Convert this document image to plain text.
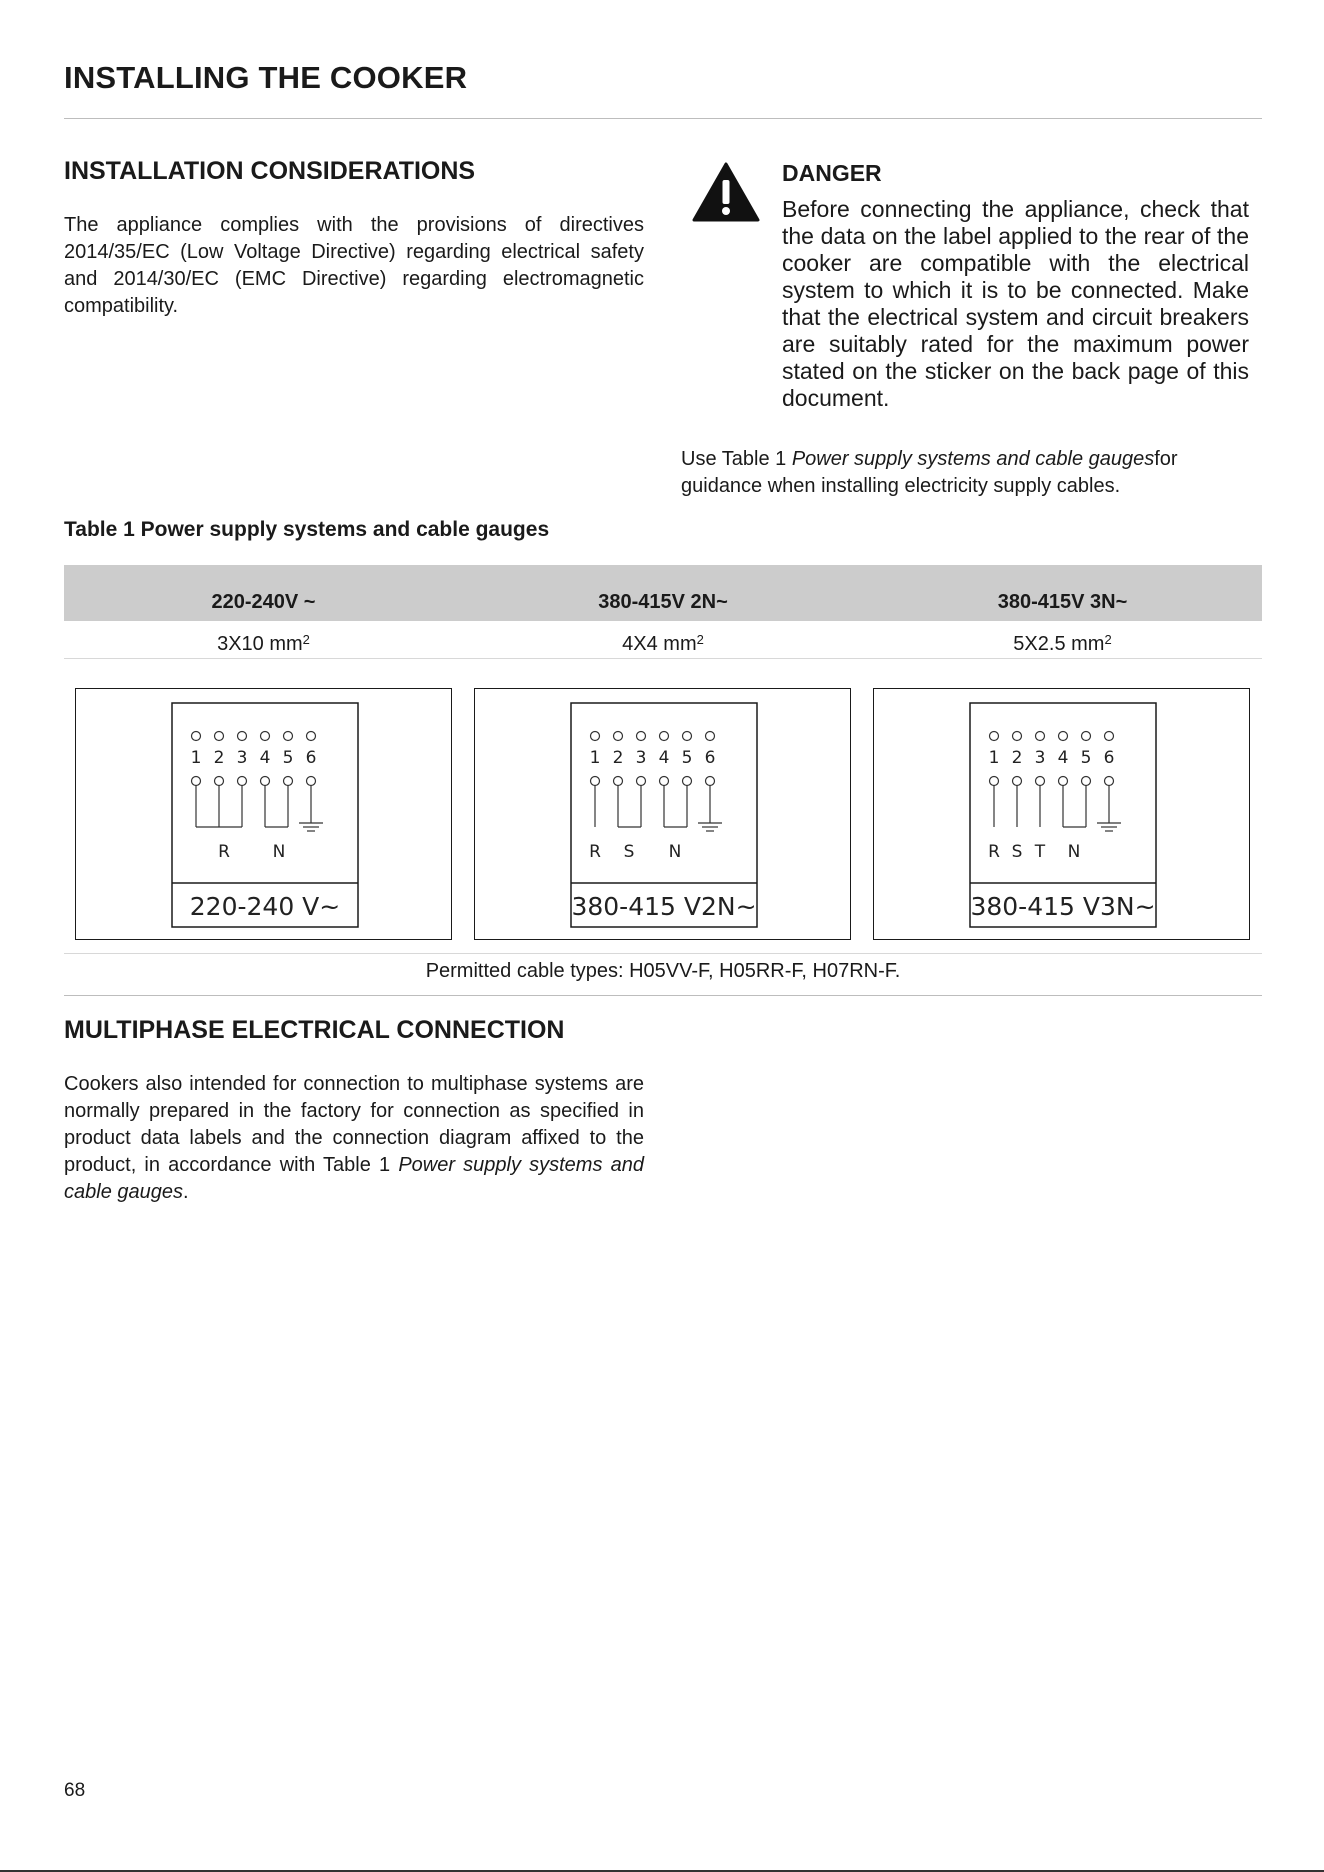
INSTALLING THE COOKER
INSTALLATION CONSIDERATIONS
The appliance complies with the provisions of directives 2014/35/EC (Low Voltage Directive) regarding electrical safety and 2014/30/EC (EMC Directive) regarding electromagnetic compatibility.
DANGER
Before connecting the appliance, check that the data on the label applied to the rear of the cooker are compatible with the electrical system to which it is to be connected. Make that the electrical system and circuit breakers are suitably rated for the maximum power stated on the sticker on the back page of this document.
Use Table 1 Power supply systems and cable gaugesfor guidance when installing electricity supply cables.
Table 1 Power supply systems and cable gauges
220-240V ~	380-415V 2N~	380-415V 3N~
3X10 $mm^2$	4X4 $mm^2$	5X2.5 $mm^2$
1 2 3 4 5 6
R	N
220-240 V~
1 2 3 4 5 6
R S N
380-415 V2N~
1 2 3 4 5 6
R S T N
380-415 V3N~
Permitted cable types: H05VV-F, H05RR-F, H07RN-F.
MULTIPHASE ELECTRICAL CONNECTION
Cookers also intended for connection to multiphase systems are normally prepared in the factory for connection as specified in product data labels and the connection diagram affixed to the product, in accordance with Table 1 Power supply systems and cable gauges.
68
